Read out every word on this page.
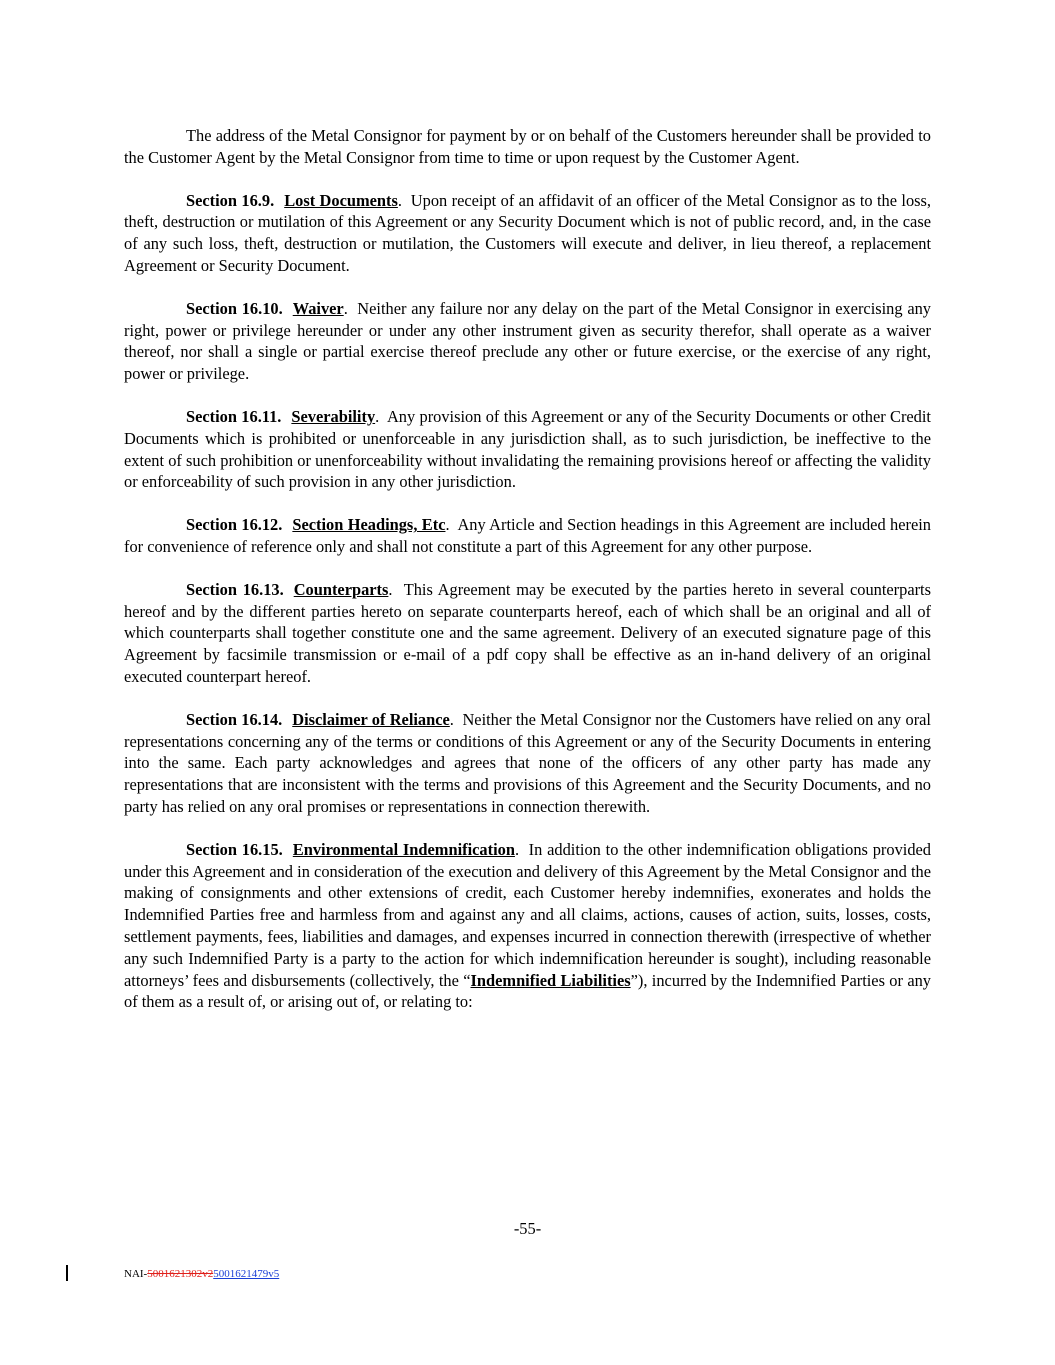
The address of the Metal Consignor for payment by or on behalf of the Customers hereunder shall be provided to the Customer Agent by the Metal Consignor from time to time or upon request by the Customer Agent.

Section 16.9. Lost Documents.  Upon receipt of an affidavit of an officer of the Metal Consignor as to the loss, theft, destruction or mutilation of this Agreement or any Security Document which is not of public record, and, in the case of any such loss, theft, destruction or mutilation, the Customers will execute and deliver, in lieu thereof, a replacement Agreement or Security Document.

Section 16.10. Waiver.  Neither any failure nor any delay on the part of the Metal Consignor in exercising any right, power or privilege hereunder or under any other instrument given as security therefor, shall operate as a waiver thereof, nor shall a single or partial exercise thereof preclude any other or future exercise, or the exercise of any right, power or privilege.

Section 16.11. Severability.  Any provision of this Agreement or any of the Security Documents or other Credit Documents which is prohibited or unenforceable in any jurisdiction shall, as to such jurisdiction, be ineffective to the extent of such prohibition or unenforceability without invalidating the remaining provisions hereof or affecting the validity or enforceability of such provision in any other jurisdiction.

Section 16.12. Section Headings, Etc.  Any Article and Section headings in this Agreement are included herein for convenience of reference only and shall not constitute a part of this Agreement for any other purpose.

Section 16.13. Counterparts.  This Agreement may be executed by the parties hereto in several counterparts hereof and by the different parties hereto on separate counterparts hereof, each of which shall be an original and all of which counterparts shall together constitute one and the same agreement. Delivery of an executed signature page of this Agreement by facsimile transmission or e-mail of a pdf copy shall be effective as an in-hand delivery of an original executed counterpart hereof.

Section 16.14. Disclaimer of Reliance.  Neither the Metal Consignor nor the Customers have relied on any oral representations concerning any of the terms or conditions of this Agreement or any of the Security Documents in entering into the same. Each party acknowledges and agrees that none of the officers of any other party has made any representations that are inconsistent with the terms and provisions of this Agreement and the Security Documents, and no party has relied on any oral promises or representations in connection therewith.

Section 16.15. Environmental Indemnification.  In addition to the other indemnification obligations provided under this Agreement and in consideration of the execution and delivery of this Agreement by the Metal Consignor and the making of consignments and other extensions of credit, each Customer hereby indemnifies, exonerates and holds the Indemnified Parties free and harmless from and against any and all claims, actions, causes of action, suits, losses, costs, settlement payments, fees, liabilities and damages, and expenses incurred in connection therewith (irrespective of whether any such Indemnified Party is a party to the action for which indemnification hereunder is sought), including reasonable attorneys’ fees and disbursements (collectively, the “Indemnified Liabilities”), incurred by the Indemnified Parties or any of them as a result of, or arising out of, or relating to:

-55-
NAI-5001621302v25001621479v5
